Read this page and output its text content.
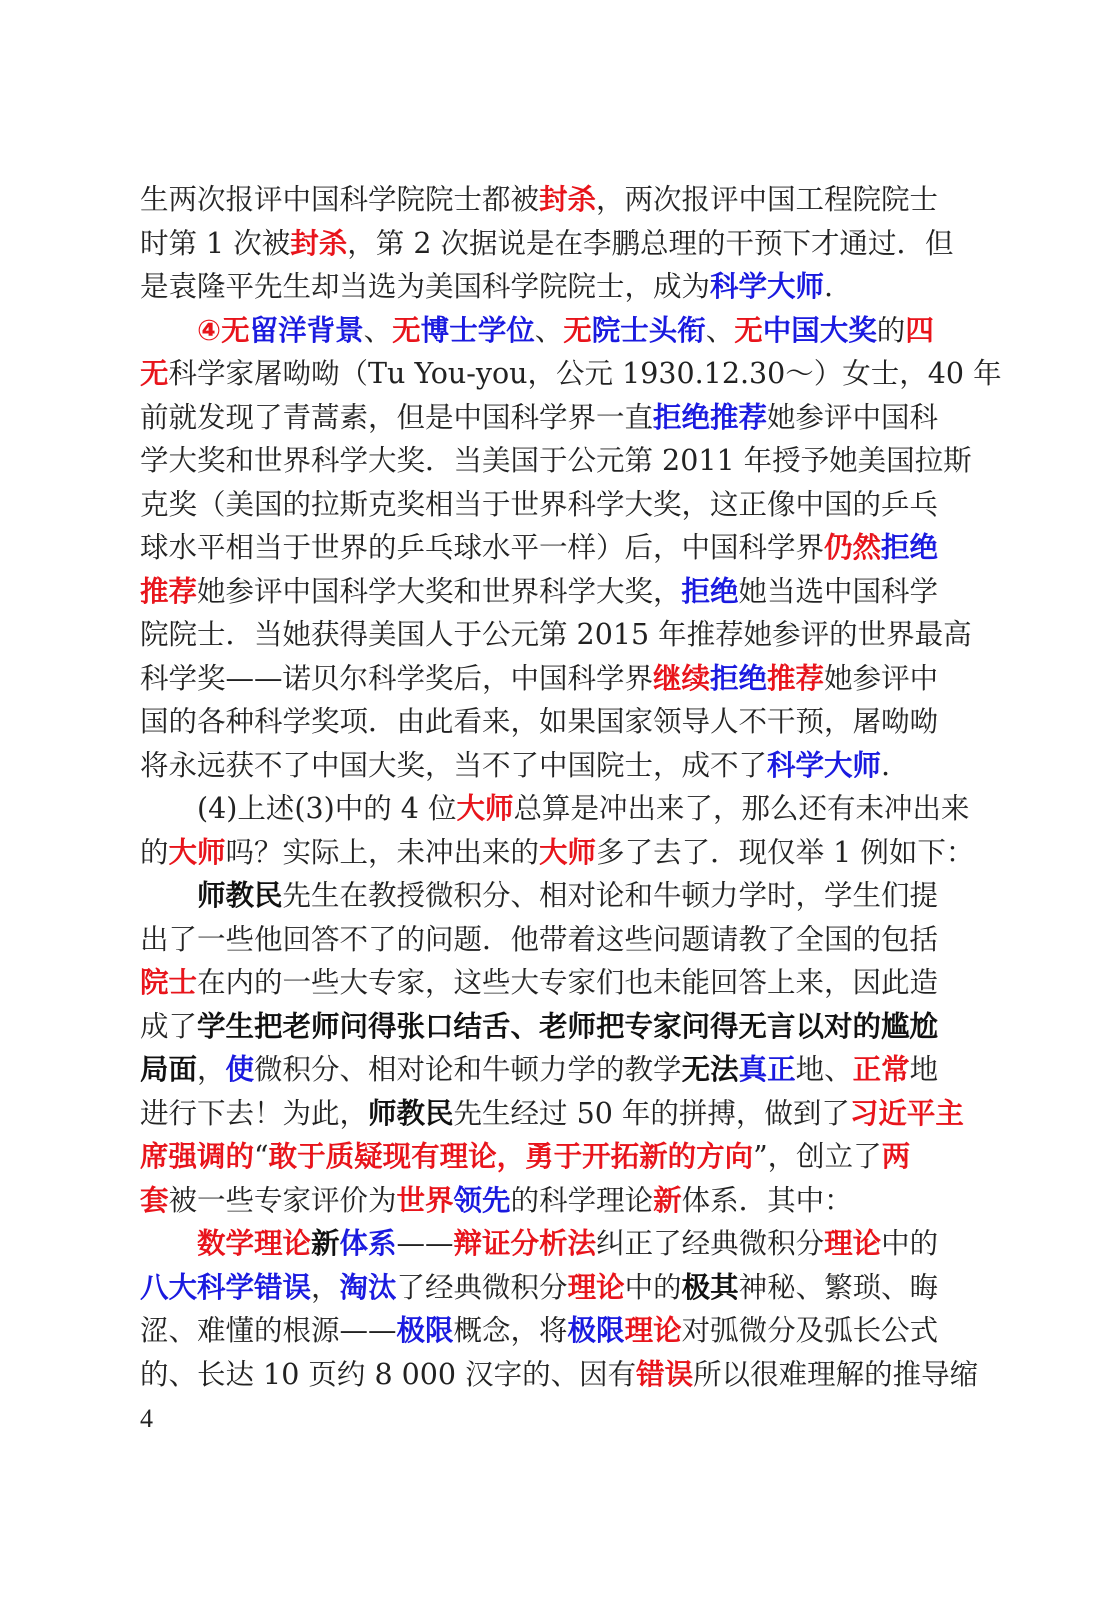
生两次报评中国科学院院士都被封杀，两次报评中国工程院院士
时第 1 次被封杀，第 2 次据说是在李鹏总理的干预下才通过．但
是袁隆平先生却当选为美国科学院院士，成为科学大师.
④无留洋背景、无博士学位、无院士头衔、无中国大奖的四
无科学家屠呦呦（Tu You-you，公元 1930.12.30～）女士，40 年
前就发现了青蒿素，但是中国科学界一直拒绝推荐她参评中国科
学大奖和世界科学大奖．当美国于公元第 2011 年授予她美国拉斯
克奖（美国的拉斯克奖相当于世界科学大奖，这正像中国的乒乓
球水平相当于世界的乒乓球水平一样）后，中国科学界仍然拒绝
推荐她参评中国科学大奖和世界科学大奖，拒绝她当选中国科学
院院士．当她获得美国人于公元第 2015 年推荐她参评的世界最高
科学奖——诺贝尔科学奖后，中国科学界继续拒绝推荐她参评中
国的各种科学奖项．由此看来，如果国家领导人不干预，屠呦呦
将永远获不了中国大奖，当不了中国院士，成不了科学大师.
(4)上述(3)中的 4 位大师总算是冲出来了，那么还有未冲出来
的大师吗？实际上，未冲出来的大师多了去了．现仅举 1 例如下：
师教民先生在教授微积分、相对论和牛顿力学时，学生们提
出了一些他回答不了的问题．他带着这些问题请教了全国的包括
院士在内的一些大专家，这些大专家们也未能回答上来，因此造
成了学生把老师问得张口结舌、老师把专家问得无言以对的尴尬
局面，使微积分、相对论和牛顿力学的教学无法真正地、正常地
进行下去！为此，师教民先生经过 50 年的拼搏，做到了习近平主
席强调的“敢于质疑现有理论，勇于开拓新的方向”，创立了两
套被一些专家评价为世界领先的科学理论新体系．其中：
数学理论新体系——辩证分析法纠正了经典微积分理论中的
八大科学错误，淘汰了经典微积分理论中的极其神秘、繁琐、晦
涩、难懂的根源——极限概念，将极限理论对弧微分及弧长公式
的、长达 10 页约 8 000 汉字的、因有错误所以很难理解的推导缩
4
